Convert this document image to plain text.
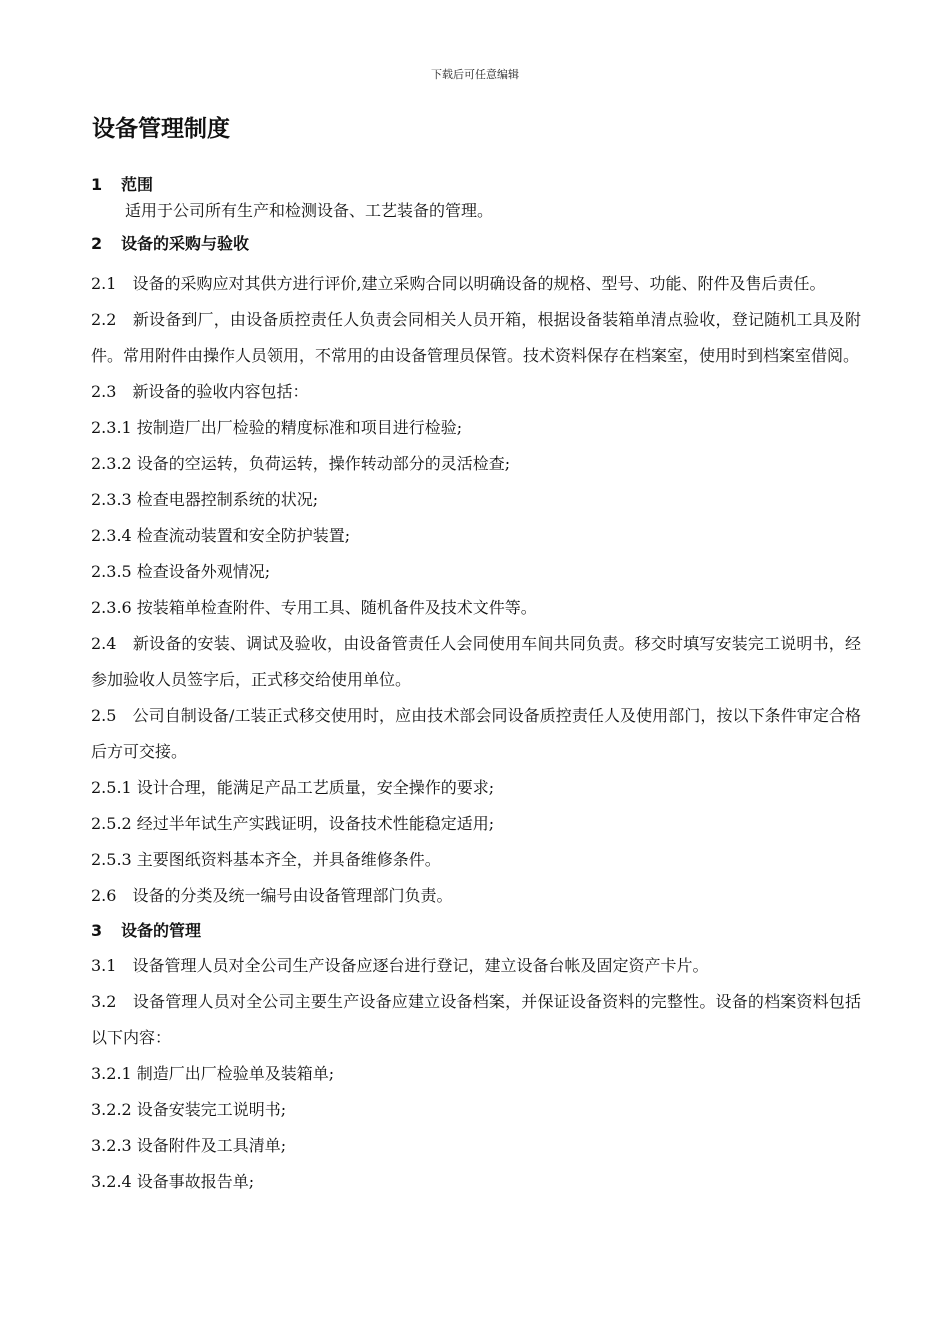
下载后可任意编辑
设备管理制度

1 范围

适用于公司所有生产和检测设备、工艺装备的管理。

2 设备的采购与验收

2.1　设备的采购应对其供方进行评价,建立采购合同以明确设备的规格、型号、功能、附件及售后责任。

2.2　新设备到厂，由设备质控责任人负责会同相关人员开箱，根据设备装箱单清点验收，登记随机工具及附件。常用附件由操作人员领用，不常用的由设备管理员保管。技术资料保存在档案室，使用时到档案室借阅。

2.3　新设备的验收内容包括：

2.3.1 按制造厂出厂检验的精度标准和项目进行检验;

2.3.2 设备的空运转，负荷运转，操作转动部分的灵活检查;

2.3.3 检查电器控制系统的状况;

2.3.4 检查流动装置和安全防护装置;

2.3.5 检查设备外观情况;

2.3.6 按装箱单检查附件、专用工具、随机备件及技术文件等。

2.4　新设备的安装、调试及验收，由设备管责任人会同使用车间共同负责。移交时填写安装完工说明书，经参加验收人员签字后，正式移交给使用单位。

2.5　公司自制设备/工装正式移交使用时，应由技术部会同设备质控责任人及使用部门，按以下条件审定合格后方可交接。

2.5.1 设计合理，能满足产品工艺质量，安全操作的要求;

2.5.2 经过半年试生产实践证明，设备技术性能稳定适用;

2.5.3 主要图纸资料基本齐全，并具备维修条件。

2.6　设备的分类及统一编号由设备管理部门负责。

3 设备的管理

3.1　设备管理人员对全公司生产设备应逐台进行登记，建立设备台帐及固定资产卡片。

3.2　设备管理人员对全公司主要生产设备应建立设备档案，并保证设备资料的完整性。设备的档案资料包括以下内容：

3.2.1 制造厂出厂检验单及装箱单;

3.2.2 设备安装完工说明书;

3.2.3 设备附件及工具清单;

3.2.4 设备事故报告单;
